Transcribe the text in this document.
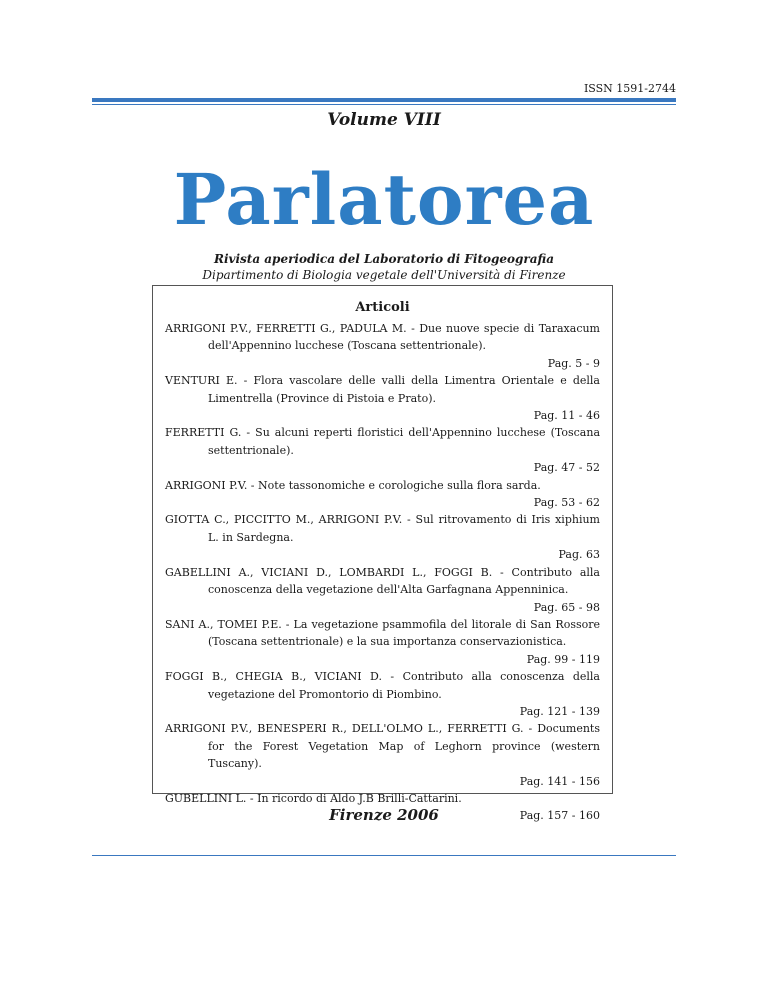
ISSN 1591-2744
Volume VIII
Parlatorea
Rivista aperiodica del Laboratorio di Fitogeografia
Dipartimento di Biologia vegetale dell'Università di Firenze
Articoli
ARRIGONI P.V., FERRETTI G., PADULA M. - Due nuove specie di Taraxacum dell'Appennino lucchese (Toscana settentrionale).
Pag. 5 - 9
VENTURI E. - Flora vascolare delle valli della Limentra Orientale e della Limentrella (Province di Pistoia e Prato).
Pag. 11 - 46
FERRETTI G. - Su alcuni reperti floristici dell'Appennino lucchese (Toscana settentrionale).
Pag. 47 - 52
ARRIGONI P.V. - Note tassonomiche e corologiche sulla flora sarda.
Pag. 53 - 62
GIOTTA C., PICCITTO M., ARRIGONI P.V. - Sul ritrovamento di Iris xiphium L. in Sardegna.
Pag. 63
GABELLINI A., VICIANI D., LOMBARDI L., FOGGI B. - Contributo alla conoscenza della vegetazione dell'Alta Garfagnana Appenninica.
Pag. 65 - 98
SANI A., TOMEI P.E. - La vegetazione psammofila del litorale di San Rossore (Toscana settentrionale) e la sua importanza conservazionistica.
Pag. 99 - 119
FOGGI B., CHEGIA B., VICIANI D. - Contributo alla conoscenza della vegetazione del Promontorio di Piombino.
Pag. 121 - 139
ARRIGONI P.V., BENESPERI R., DELL'OLMO L., FERRETTI G. - Documents for the Forest Vegetation Map of Leghorn province (western Tuscany).
Pag. 141 - 156
GUBELLINI L. - In ricordo di Aldo J.B Brilli-Cattarini.
Pag. 157 - 160
Firenze 2006
